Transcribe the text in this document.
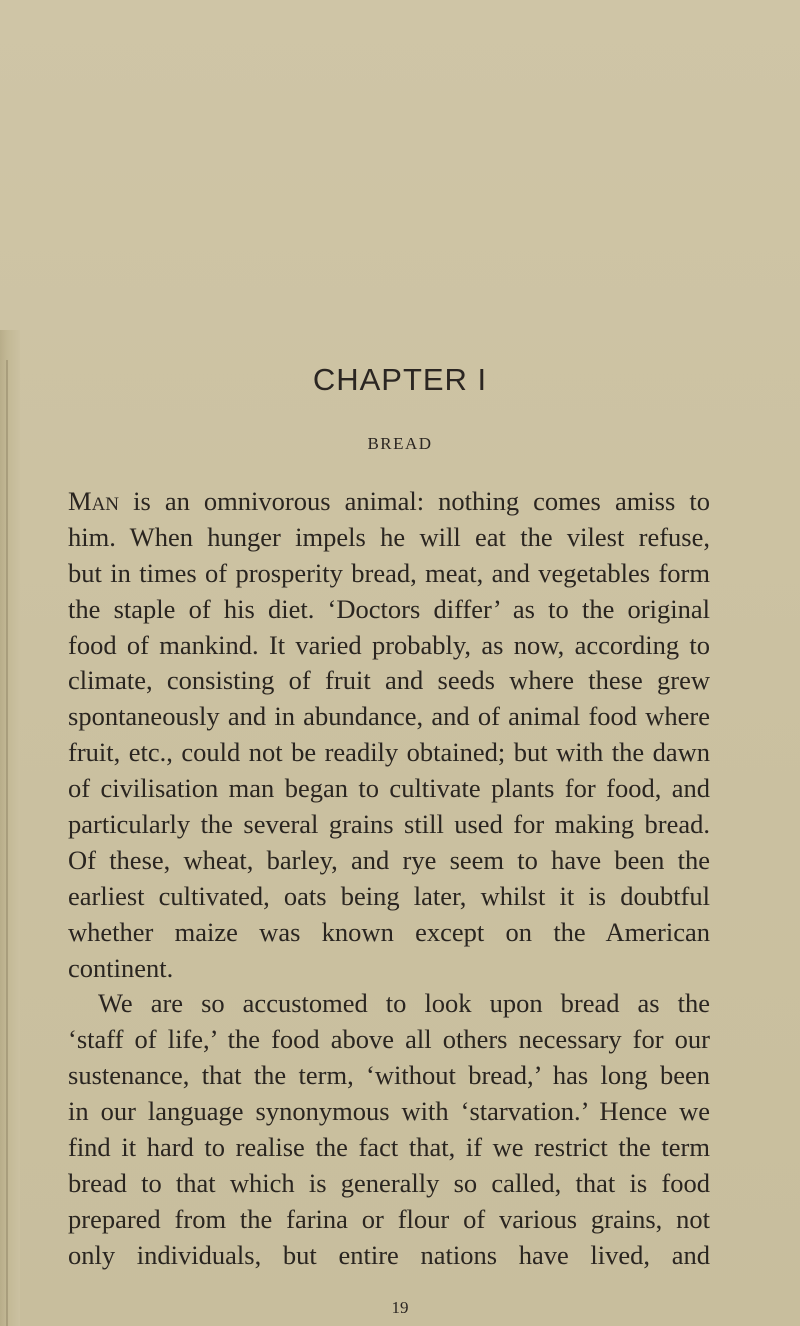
CHAPTER I
BREAD
Man is an omnivorous animal: nothing comes amiss to
him. When hunger impels he will eat the vilest refuse,
but in times of prosperity bread, meat, and vegetables form
the staple of his diet. ‘Doctors differ’ as to the original
food of mankind. It varied probably, as now, according to
climate, consisting of fruit and seeds where these grew
spontaneously and in abundance, and of animal food where
fruit, etc., could not be readily obtained; but with the dawn
of civilisation man began to cultivate plants for food, and
particularly the several grains still used for making bread.
Of these, wheat, barley, and rye seem to have been the
earliest cultivated, oats being later, whilst it is doubtful
whether maize was known except on the American
continent.
We are so accustomed to look upon bread as the
‘staff of life,’ the food above all others necessary for our
sustenance, that the term, ‘without bread,’ has long been
in our language synonymous with ‘starvation.’ Hence we
find it hard to realise the fact that, if we restrict the term
bread to that which is generally so called, that is food
prepared from the farina or flour of various grains, not
only individuals, but entire nations have lived, and
19
